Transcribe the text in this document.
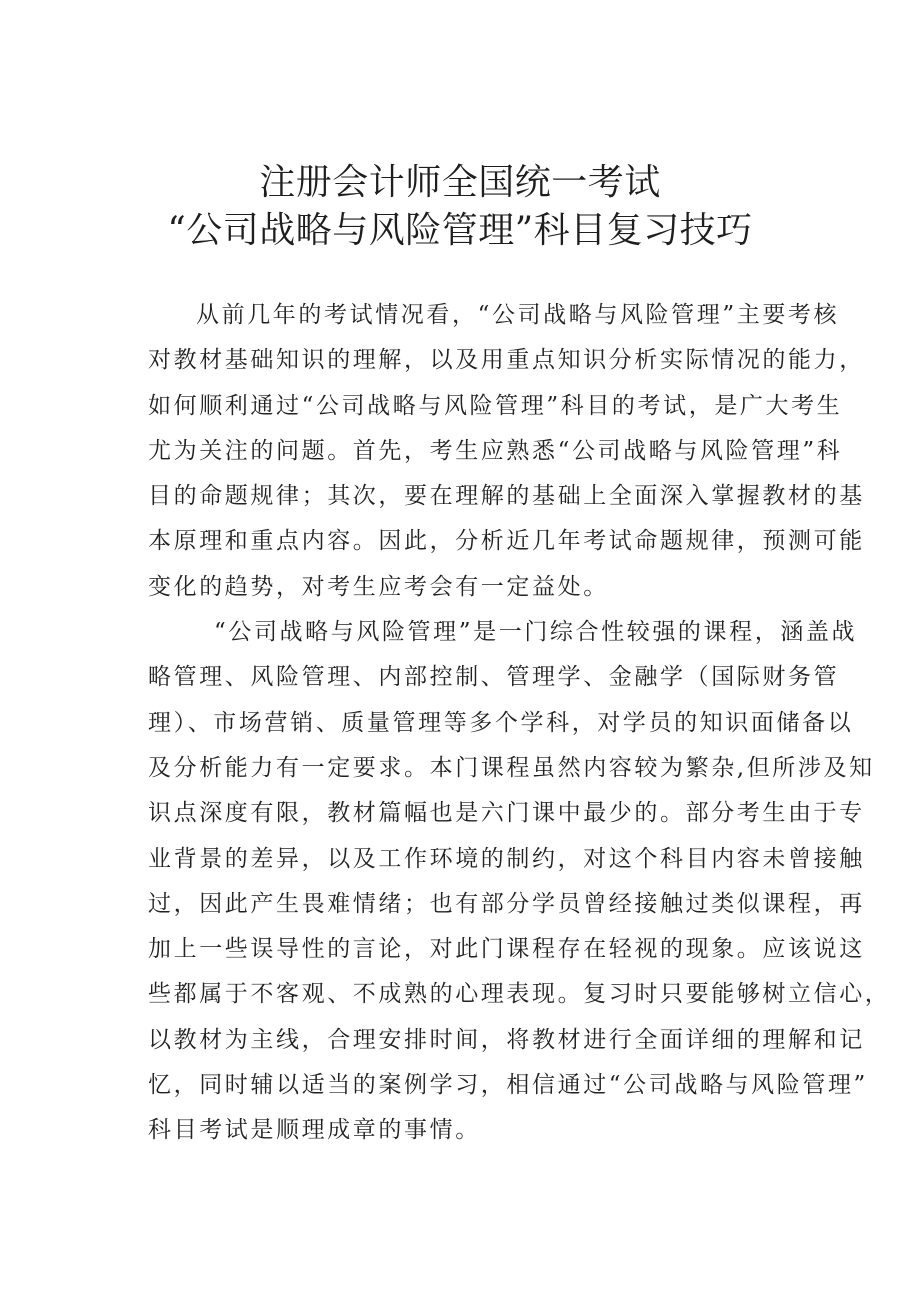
注册会计师全国统一考试
“公司战略与风险管理”科目复习技巧
从前几年的考试情况看，“公司战略与风险管理”主要考核
对教材基础知识的理解，以及用重点知识分析实际情况的能力，
如何顺利通过“公司战略与风险管理”科目的考试，是广大考生
尤为关注的问题。首先，考生应熟悉“公司战略与风险管理”科
目的命题规律；其次，要在理解的基础上全面深入掌握教材的基
本原理和重点内容。因此，分析近几年考试命题规律，预测可能
变化的趋势，对考生应考会有一定益处。
“公司战略与风险管理”是一门综合性较强的课程，涵盖战
略管理、风险管理、内部控制、管理学、金融学（国际财务管
理）、市场营销、质量管理等多个学科，对学员的知识面储备以
及分析能力有一定要求。本门课程虽然内容较为繁杂,但所涉及知
识点深度有限，教材篇幅也是六门课中最少的。部分考生由于专
业背景的差异，以及工作环境的制约，对这个科目内容未曾接触
过，因此产生畏难情绪；也有部分学员曾经接触过类似课程，再
加上一些误导性的言论，对此门课程存在轻视的现象。应该说这
些都属于不客观、不成熟的心理表现。复习时只要能够树立信心，
以教材为主线，合理安排时间，将教材进行全面详细的理解和记
忆，同时辅以适当的案例学习，相信通过“公司战略与风险管理”
科目考试是顺理成章的事情。
